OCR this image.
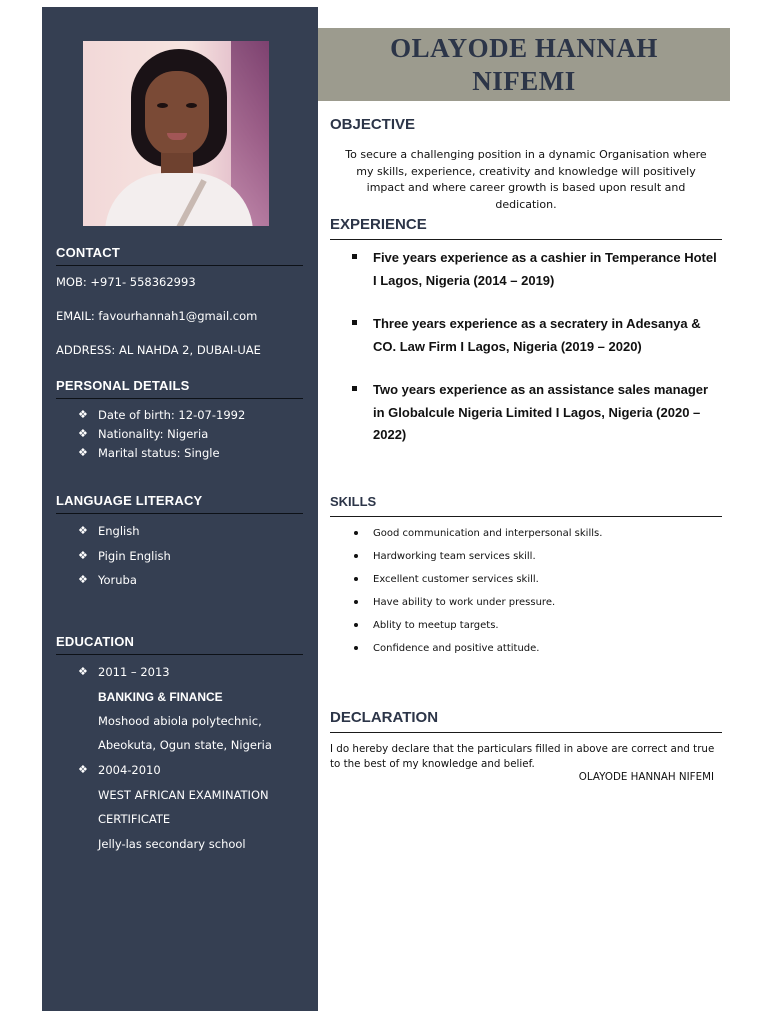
CONTACT
MOB: +971- 558362993
EMAIL: favourhannah1@gmail.com
ADDRESS: AL NAHDA 2, DUBAI-UAE
PERSONAL DETAILS
❖ Date of birth: 12-07-1992
❖ Nationality: Nigeria
❖ Marital status: Single
LANGUAGE LITERACY
❖ English
❖ Pigin English
❖ Yoruba
EDUCATION
❖ 2011 – 2013
BANKING & FINANCE
Moshood abiola polytechnic,
Abeokuta, Ogun state, Nigeria
❖ 2004-2010
WEST AFRICAN EXAMINATION
CERTIFICATE
Jelly-las secondary school
OLAYODE HANNAH
NIFEMI
OBJECTIVE
To secure a challenging position in a dynamic Organisation where my skills, experience, creativity and knowledge will positively impact and where career growth is based upon result and dedication.
EXPERIENCE
Five years experience as a cashier in Temperance Hotel I Lagos, Nigeria (2014 – 2019)
Three years experience as a secratery in Adesanya & CO. Law Firm I Lagos, Nigeria (2019 – 2020)
Two years experience as an assistance sales manager in Globalcule Nigeria Limited I Lagos, Nigeria (2020 – 2022)
SKILLS
Good communication and interpersonal skills.
Hardworking team services skill.
Excellent customer services skill.
Have ability to work under pressure.
Ablity to meetup targets.
Confidence and positive attitude.
DECLARATION
I do hereby declare that the particulars filled in above are correct and true to the best of my knowledge and belief.
OLAYODE HANNAH NIFEMI
